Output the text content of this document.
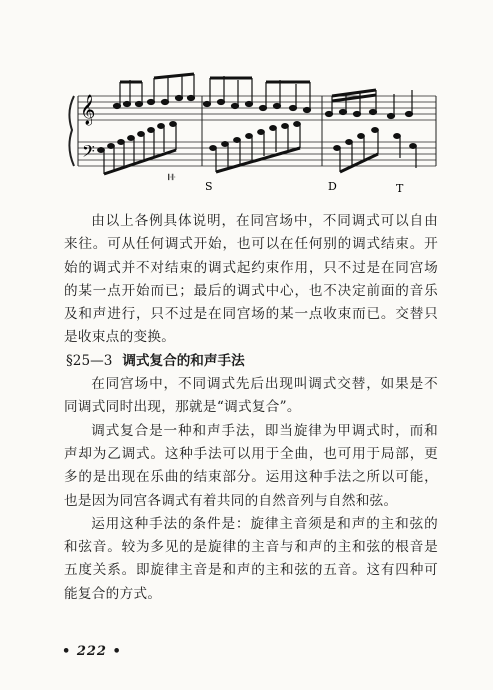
𝄞
𝄢
S	D	T
𝄆𝄆

由以上各例具体说明，在同宫场中，不同调式可以自由来往。可从任何调式开始，也可以在任何别的调式结束。开始的调式并不对结束的调式起约束作用，只不过是在同宫场的某一点开始而已；最后的调式中心，也不决定前面的音乐及和声进行，只不过是在同宫场的某一点收束而已。交替只是收束点的变换。

§25—3 调式复合的和声手法

在同宫场中，不同调式先后出现叫调式交替，如果是不同调式同时出现，那就是“调式复合”。

调式复合是一种和声手法，即当旋律为甲调式时，而和声却为乙调式。这种手法可以用于全曲，也可用于局部，更多的是出现在乐曲的结束部分。运用这种手法之所以可能，也是因为同宫各调式有着共同的自然音列与自然和弦。

运用这种手法的条件是：旋律主音须是和声的主和弦的和弦音。较为多见的是旋律的主音与和声的主和弦的根音是五度关系。即旋律主音是和声的主和弦的五音。这有四种可能复合的方式。

• 222 •
